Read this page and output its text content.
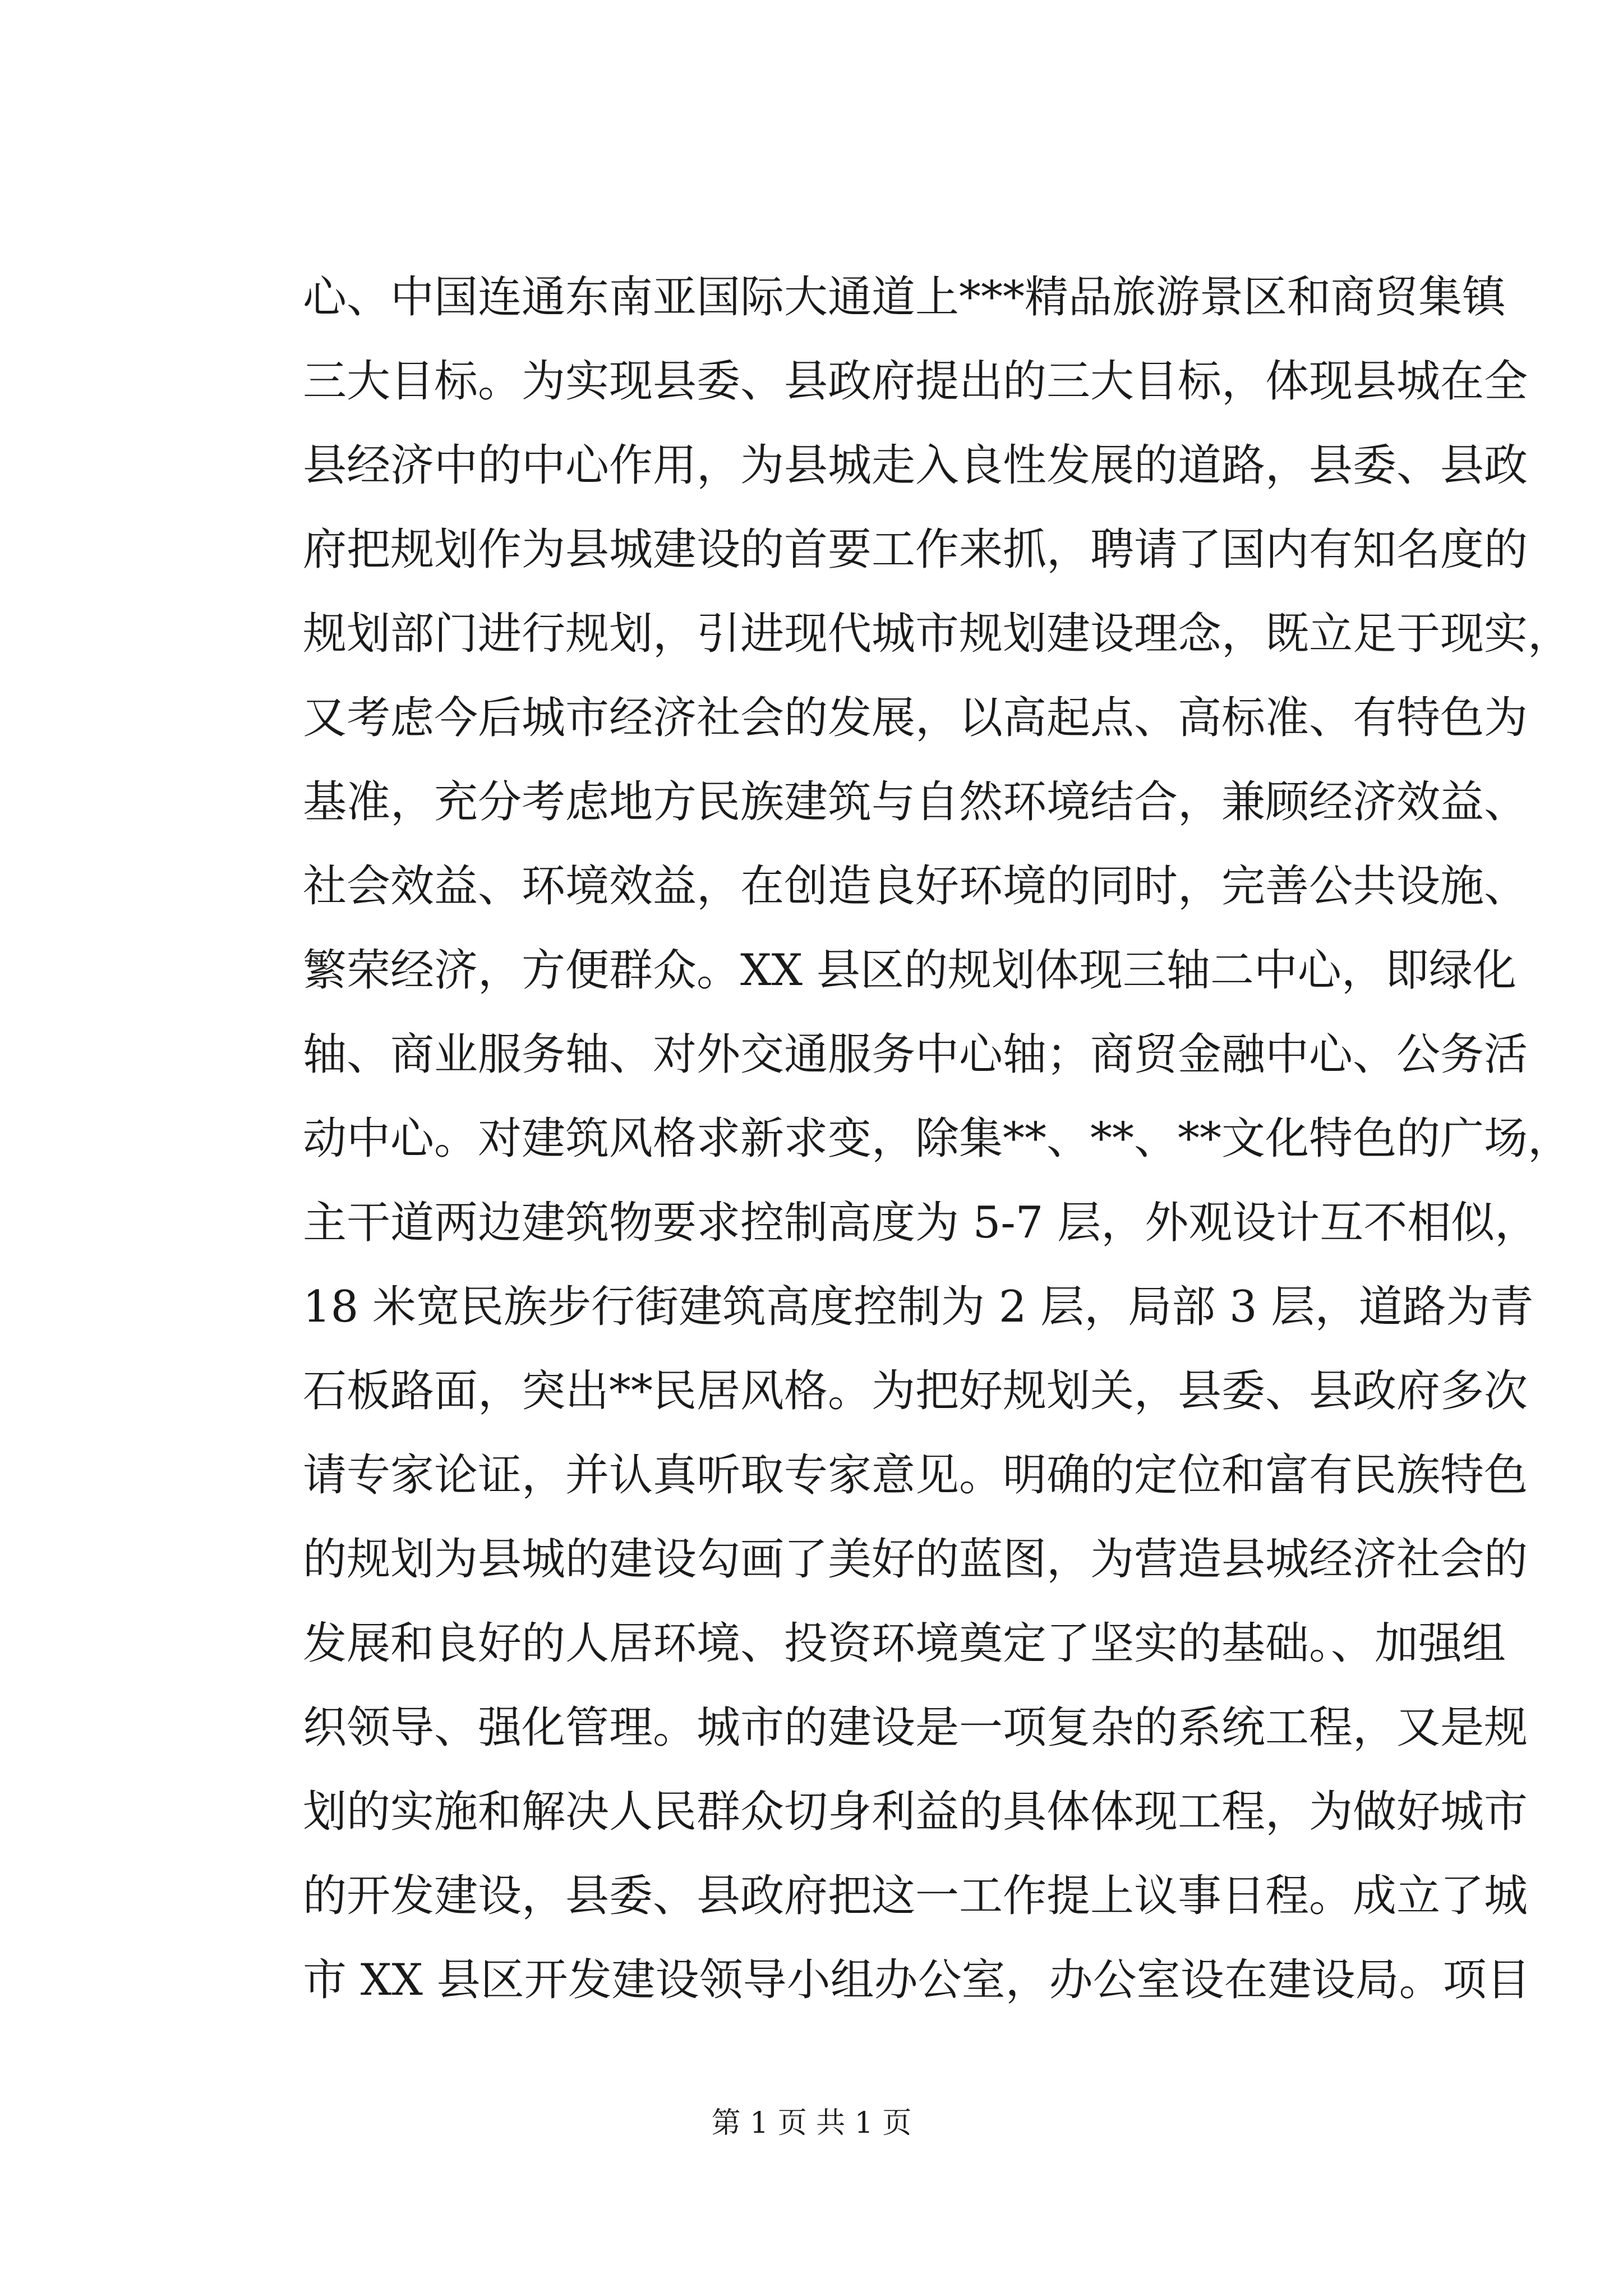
心、中国连通东南亚国际大通道上***精品旅游景区和商贸集镇
三大目标。为实现县委、县政府提出的三大目标，体现县城在全
县经济中的中心作用，为县城走入良性发展的道路，县委、县政
府把规划作为县城建设的首要工作来抓，聘请了国内有知名度的
规划部门进行规划，引进现代城市规划建设理念，既立足于现实，
又考虑今后城市经济社会的发展，以高起点、高标准、有特色为
基准，充分考虑地方民族建筑与自然环境结合，兼顾经济效益、
社会效益、环境效益，在创造良好环境的同时，完善公共设施、
繁荣经济，方便群众。XX 县区的规划体现三轴二中心，即绿化
轴、商业服务轴、对外交通服务中心轴；商贸金融中心、公务活
动中心。对建筑风格求新求变，除集**、**、**文化特色的广场，
主干道两边建筑物要求控制高度为 5-7 层，外观设计互不相似，
18 米宽民族步行街建筑高度控制为 2 层，局部 3 层，道路为青
石板路面，突出**民居风格。为把好规划关，县委、县政府多次
请专家论证，并认真听取专家意见。明确的定位和富有民族特色
的规划为县城的建设勾画了美好的蓝图，为营造县城经济社会的
发展和良好的人居环境、投资环境奠定了坚实的基础。、加强组
织领导、强化管理。城市的建设是一项复杂的系统工程，又是规
划的实施和解决人民群众切身利益的具体体现工程，为做好城市
的开发建设，县委、县政府把这一工作提上议事日程。成立了城
市 XX 县区开发建设领导小组办公室，办公室设在建设局。项目
第 1 页 共 1 页
